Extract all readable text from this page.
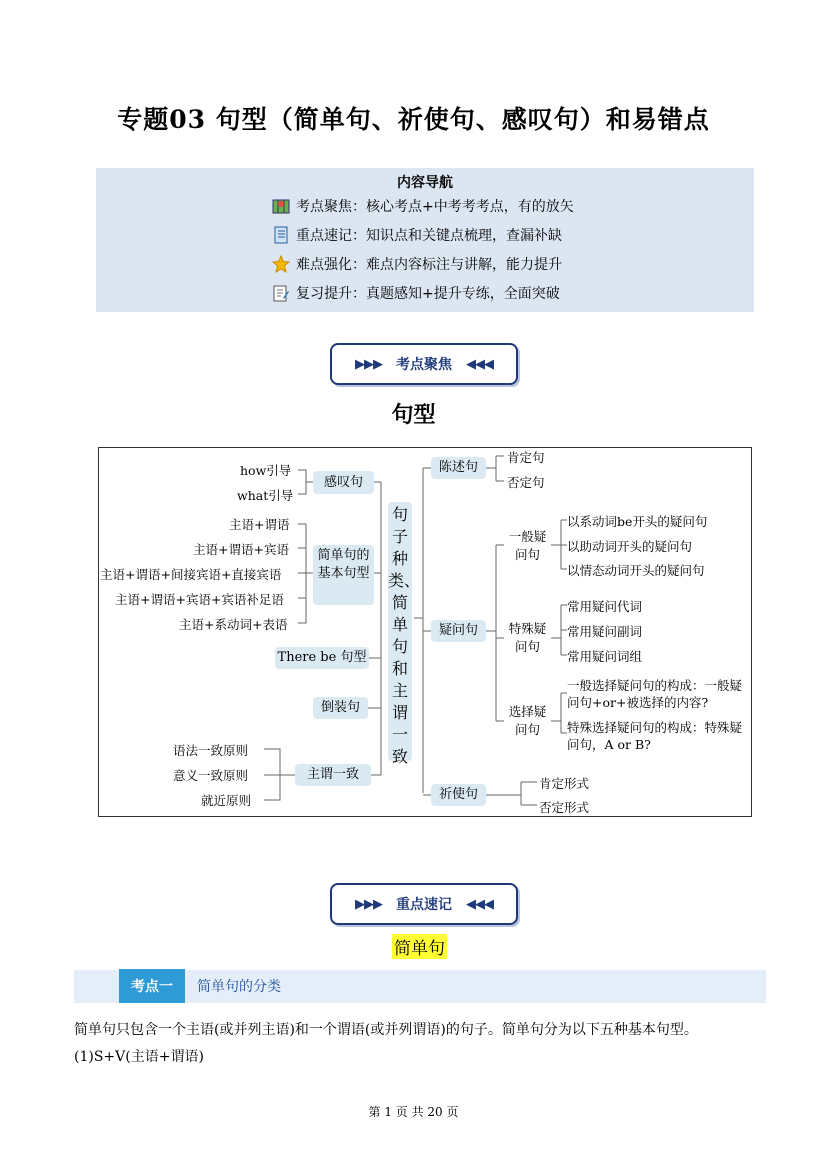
专题03 句型（简单句、祈使句、感叹句）和易错点
内容导航
考点聚焦：核心考点+中考考考点，有的放矢
重点速记：知识点和关键点梳理，查漏补缺
难点强化：难点内容标注与讲解，能力提升
复习提升：真题感知+提升专练，全面突破
▶▶▶ 考点聚焦 ◀◀◀
句型
how引导
what引导
感叹句
主语+谓语
主语+谓语+宾语
主语+谓语+间接宾语+直接宾语
主语+谓语+宾语+宾语补足语
主语+系动词+表语
简单句的基本句型
There be 句型
倒装句
语法一致原则
意义一致原则
就近原则
主谓一致
句子种类、简单句和主谓一致
陈述句
肯定句
否定句
疑问句
一般疑问句
以系动词be开头的疑问句
以助动词开头的疑问句
以情态动词开头的疑问句
特殊疑问句
常用疑问代词
常用疑问副词
常用疑问词组
选择疑问句
一般选择疑问句的构成：一般疑问句+or+被选择的内容?
特殊选择疑问句的构成：特殊疑问句，A or B?
祈使句
肯定形式
否定形式
▶▶▶ 重点速记 ◀◀◀
简单句
考点一	简单句的分类
简单句只包含一个主语(或并列主语)和一个谓语(或并列谓语)的句子。简单句分为以下五种基本句型。
(1)S+V(主语+谓语)
第 1 页 共 20 页
